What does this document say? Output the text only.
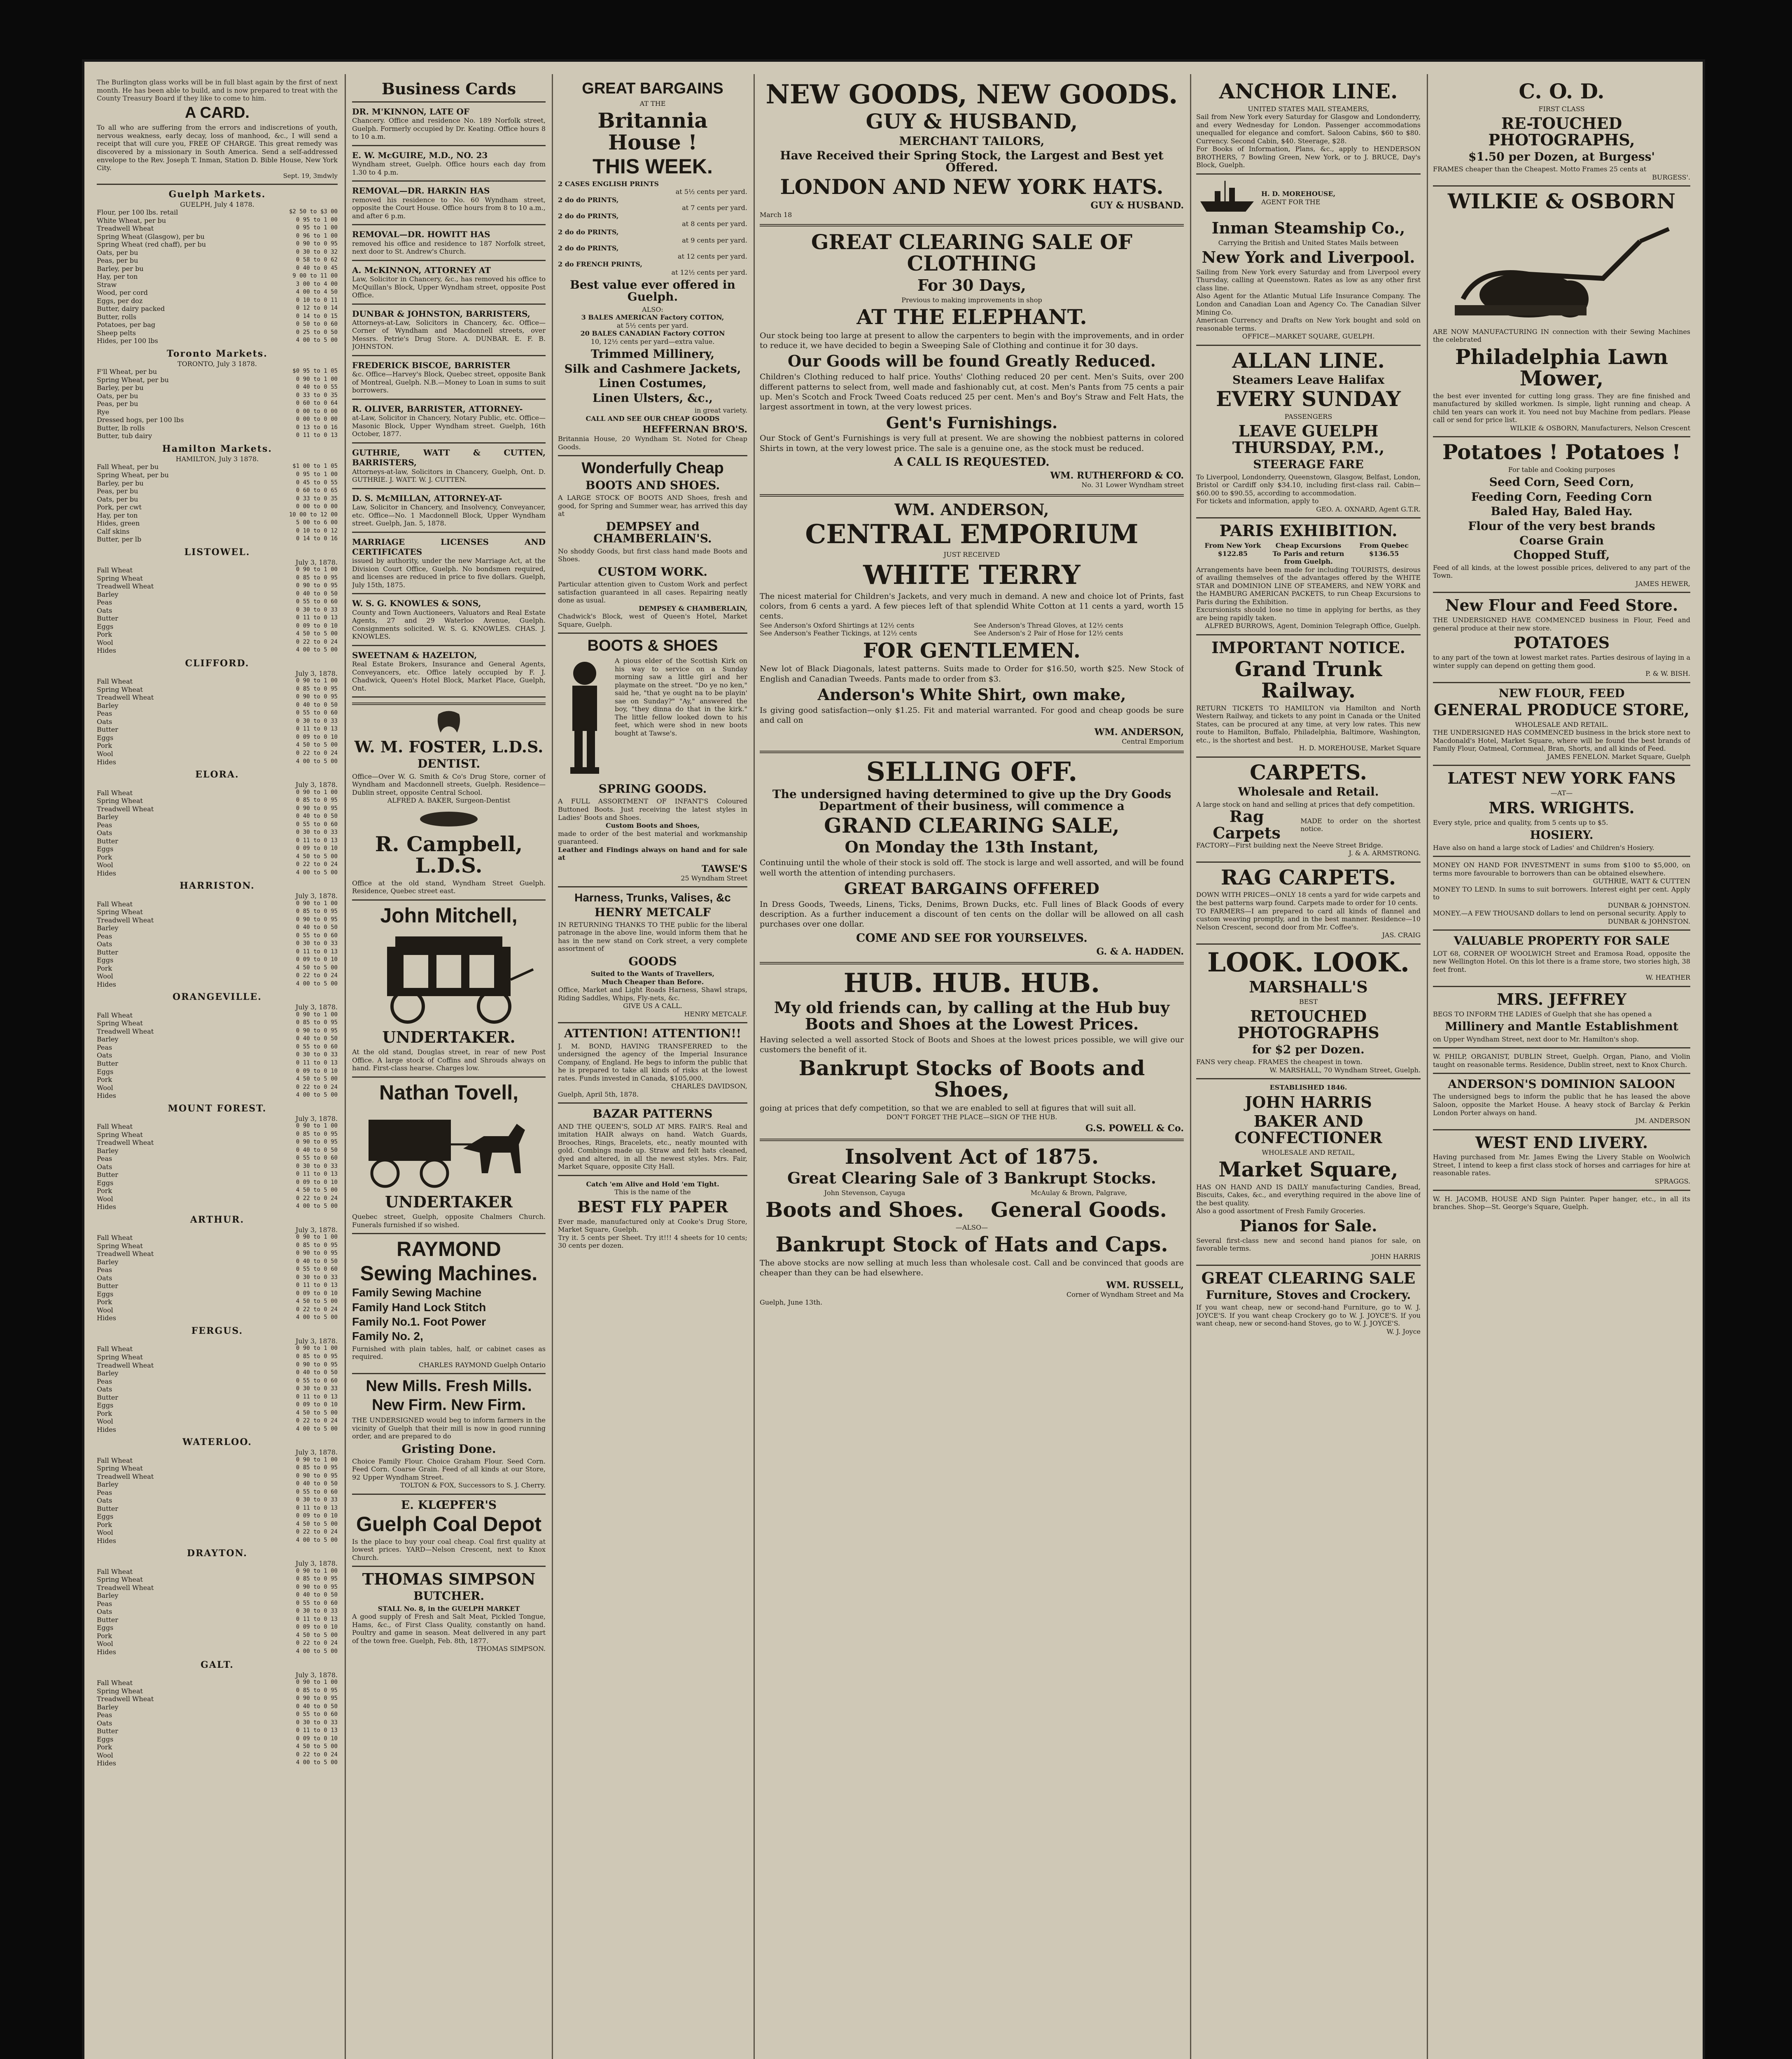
The Burlington glass works will be in full blast again by the first of next month. He has been able to build, and is now prepared to treat with the County Treasury Board if they like to come to him.
A CARD.
To all who are suffering from the errors and indiscretions of youth, nervous weakness, early decay, loss of manhood, &c., I will send a receipt that will cure you, FREE OF CHARGE. This great remedy was discovered by a missionary in South America. Send a self-addressed envelope to the Rev. Joseph T. Inman, Station D. Bible House, New York City.
Sept. 19, 3mdwly
Guelph Markets.
GUELPH, July 4 1878.
Flour, per 100 lbs. retail	$2 50 to $3 00
White Wheat, per bu	0 95 to 1 00
Treadwell Wheat	0 95 to 1 00
Spring Wheat (Glasgow), per bu	0 96 to 1 00
Spring Wheat (red chaff), per bu	0 90 to 0 95
Oats, per bu	0 30 to 0 32
Peas, per bu	0 58 to 0 62
Barley, per bu	0 40 to 0 45
Hay, per ton	9 00 to 11 00
Straw	3 00 to 4 00
Wood, per cord	4 00 to 4 50
Eggs, per doz	0 10 to 0 11
Butter, dairy packed	0 12 to 0 14
Butter, rolls	0 14 to 0 15
Potatoes, per bag	0 50 to 0 60
Sheep pelts	0 25 to 0 50
Hides, per 100 lbs	4 00 to 5 00
Toronto Markets.
TORONTO, July 3 1878.
F'll Wheat, per bu	$0 95 to 1 05
Spring Wheat, per bu	0 90 to 1 00
Barley, per bu	0 40 to 0 55
Oats, per bu	0 33 to 0 35
Peas, per bu	0 60 to 0 64
Rye	0 00 to 0 00
Dressed hogs, per 100 lbs	0 00 to 0 00
Butter, lb rolls	0 13 to 0 16
Butter, tub dairy	0 11 to 0 13
Hamilton Markets.
HAMILTON, July 3 1878.
Fall Wheat, per bu	$1 00 to 1 05
Spring Wheat, per bu	0 95 to 1 00
Barley, per bu	0 45 to 0 55
Peas, per bu	0 60 to 0 65
Oats, per bu	0 33 to 0 35
Pork, per cwt	0 00 to 0 00
Hay, per ton	10 00 to 12 00
Hides, green	5 00 to 6 00
Calf skins	0 10 to 0 12
Butter, per lb	0 14 to 0 16
LISTOWEL.
July 3, 1878.
Fall Wheat	0 90 to 1 00
Spring Wheat	0 85 to 0 95
Treadwell Wheat	0 90 to 0 95
Barley	0 40 to 0 50
Peas	0 55 to 0 60
Oats	0 30 to 0 33
Butter	0 11 to 0 13
Eggs	0 09 to 0 10
Pork	4 50 to 5 00
Wool	0 22 to 0 24
Hides	4 00 to 5 00
CLIFFORD.
July 3, 1878.
Fall Wheat	0 90 to 1 00
Spring Wheat	0 85 to 0 95
Treadwell Wheat	0 90 to 0 95
Barley	0 40 to 0 50
Peas	0 55 to 0 60
Oats	0 30 to 0 33
Butter	0 11 to 0 13
Eggs	0 09 to 0 10
Pork	4 50 to 5 00
Wool	0 22 to 0 24
Hides	4 00 to 5 00
ELORA.
July 3, 1878.
Fall Wheat	0 90 to 1 00
Spring Wheat	0 85 to 0 95
Treadwell Wheat	0 90 to 0 95
Barley	0 40 to 0 50
Peas	0 55 to 0 60
Oats	0 30 to 0 33
Butter	0 11 to 0 13
Eggs	0 09 to 0 10
Pork	4 50 to 5 00
Wool	0 22 to 0 24
Hides	4 00 to 5 00
HARRISTON.
July 3, 1878.
Fall Wheat	0 90 to 1 00
Spring Wheat	0 85 to 0 95
Treadwell Wheat	0 90 to 0 95
Barley	0 40 to 0 50
Peas	0 55 to 0 60
Oats	0 30 to 0 33
Butter	0 11 to 0 13
Eggs	0 09 to 0 10
Pork	4 50 to 5 00
Wool	0 22 to 0 24
Hides	4 00 to 5 00
ORANGEVILLE.
July 3, 1878.
Fall Wheat	0 90 to 1 00
Spring Wheat	0 85 to 0 95
Treadwell Wheat	0 90 to 0 95
Barley	0 40 to 0 50
Peas	0 55 to 0 60
Oats	0 30 to 0 33
Butter	0 11 to 0 13
Eggs	0 09 to 0 10
Pork	4 50 to 5 00
Wool	0 22 to 0 24
Hides	4 00 to 5 00
MOUNT FOREST.
July 3, 1878.
Fall Wheat	0 90 to 1 00
Spring Wheat	0 85 to 0 95
Treadwell Wheat	0 90 to 0 95
Barley	0 40 to 0 50
Peas	0 55 to 0 60
Oats	0 30 to 0 33
Butter	0 11 to 0 13
Eggs	0 09 to 0 10
Pork	4 50 to 5 00
Wool	0 22 to 0 24
Hides	4 00 to 5 00
ARTHUR.
July 3, 1878.
Fall Wheat	0 90 to 1 00
Spring Wheat	0 85 to 0 95
Treadwell Wheat	0 90 to 0 95
Barley	0 40 to 0 50
Peas	0 55 to 0 60
Oats	0 30 to 0 33
Butter	0 11 to 0 13
Eggs	0 09 to 0 10
Pork	4 50 to 5 00
Wool	0 22 to 0 24
Hides	4 00 to 5 00
FERGUS.
July 3, 1878.
Fall Wheat	0 90 to 1 00
Spring Wheat	0 85 to 0 95
Treadwell Wheat	0 90 to 0 95
Barley	0 40 to 0 50
Peas	0 55 to 0 60
Oats	0 30 to 0 33
Butter	0 11 to 0 13
Eggs	0 09 to 0 10
Pork	4 50 to 5 00
Wool	0 22 to 0 24
Hides	4 00 to 5 00
WATERLOO.
July 3, 1878.
Fall Wheat	0 90 to 1 00
Spring Wheat	0 85 to 0 95
Treadwell Wheat	0 90 to 0 95
Barley	0 40 to 0 50
Peas	0 55 to 0 60
Oats	0 30 to 0 33
Butter	0 11 to 0 13
Eggs	0 09 to 0 10
Pork	4 50 to 5 00
Wool	0 22 to 0 24
Hides	4 00 to 5 00
DRAYTON.
July 3, 1878.
Fall Wheat	0 90 to 1 00
Spring Wheat	0 85 to 0 95
Treadwell Wheat	0 90 to 0 95
Barley	0 40 to 0 50
Peas	0 55 to 0 60
Oats	0 30 to 0 33
Butter	0 11 to 0 13
Eggs	0 09 to 0 10
Pork	4 50 to 5 00
Wool	0 22 to 0 24
Hides	4 00 to 5 00
GALT.
July 3, 1878.
Fall Wheat	0 90 to 1 00
Spring Wheat	0 85 to 0 95
Treadwell Wheat	0 90 to 0 95
Barley	0 40 to 0 50
Peas	0 55 to 0 60
Oats	0 30 to 0 33
Butter	0 11 to 0 13
Eggs	0 09 to 0 10
Pork	4 50 to 5 00
Wool	0 22 to 0 24
Hides	4 00 to 5 00
Business Cards
DR. M'KINNON, LATE OF
Chancery. Office and residence No. 189 Norfolk street, Guelph. Formerly occupied by Dr. Keating. Office hours 8 to 10 a.m.
E. W. McGUIRE, M.D., NO. 23
Wyndham street, Guelph. Office hours each day from 1.30 to 4 p.m.
REMOVAL—DR. HARKIN HAS
removed his residence to No. 60 Wyndham street, opposite the Court House. Office hours from 8 to 10 a.m., and after 6 p.m.
REMOVAL—DR. HOWITT HAS
removed his office and residence to 187 Norfolk street, next door to St. Andrew's Church.
A. McKINNON, ATTORNEY AT
Law, Solicitor in Chancery, &c., has removed his office to McQuillan's Block, Upper Wyndham street, opposite Post Office.
DUNBAR & JOHNSTON, BARRISTERS,
Attorneys-at-Law, Solicitors in Chancery, &c. Office—Corner of Wyndham and Macdonnell streets, over Messrs. Petrie's Drug Store. A. DUNBAR. E. F. B. JOHNSTON.
FREDERICK BISCOE, BARRISTER
&c. Office—Harvey's Block, Quebec street, opposite Bank of Montreal, Guelph. N.B.—Money to Loan in sums to suit borrowers.
R. OLIVER, BARRISTER, ATTORNEY-
at-Law, Solicitor in Chancery, Notary Public, etc. Office—Masonic Block, Upper Wyndham street. Guelph, 16th October, 1877.
GUTHRIE, WATT & CUTTEN, BARRISTERS,
Attorneys-at-law, Solicitors in Chancery, Guelph, Ont. D. GUTHRIE. J. WATT. W. J. CUTTEN.
D. S. McMILLAN, ATTORNEY-AT-
Law, Solicitor in Chancery, and Insolvency, Conveyancer, etc. Office—No. 1 Macdonnell Block, Upper Wyndham street. Guelph, Jan. 5, 1878.
MARRIAGE LICENSES AND CERTIFICATES
issued by authority, under the new Marriage Act, at the Division Court Office, Guelph. No bondsmen required, and licenses are reduced in price to five dollars. Guelph, July 15th, 1875.
W. S. G. KNOWLES & SONS,
County and Town Auctioneers, Valuators and Real Estate Agents, 27 and 29 Waterloo Avenue, Guelph. Consignments solicited. W. S. G. KNOWLES. CHAS. J. KNOWLES.
SWEETNAM & HAZELTON,
Real Estate Brokers, Insurance and General Agents, Conveyancers, etc. Office lately occupied by F. J. Chadwick, Queen's Hotel Block, Market Place, Guelph, Ont.
W. M. FOSTER, L.D.S.
DENTIST.
Office—Over W. G. Smith & Co's Drug Store, corner of Wyndham and Macdonnell streets, Guelph. Residence—Dublin street, opposite Central School.
ALFRED A. BAKER, Surgeon-Dentist
R. Campbell, L.D.S.
Office at the old stand, Wyndham Street Guelph. Residence, Quebec street east.
John Mitchell,
UNDERTAKER.
At the old stand, Douglas street, in rear of new Post Office. A large stock of Coffins and Shrouds always on hand. First-class hearse. Charges low.
Nathan Tovell,
UNDERTAKER
Quebec street, Guelph, opposite Chalmers Church. Funerals furnished if so wished.
RAYMOND
Sewing Machines.
Family Sewing Machine
Family Hand Lock Stitch
Family No.1. Foot Power
Family No. 2,
Furnished with plain tables, half, or cabinet cases as required.
CHARLES RAYMOND Guelph Ontario
New Mills. Fresh Mills.
New Firm. New Firm.
THE UNDERSIGNED would beg to inform farmers in the vicinity of Guelph that their mill is now in good running order, and are prepared to do
Gristing Done.
Choice Family Flour. Choice Graham Flour. Seed Corn. Feed Corn. Coarse Grain. Feed of all kinds at our Store, 92 Upper Wyndham Street.
TOLTON & FOX, Successors to S. J. Cherry.
E. KLŒPFER'S
Guelph Coal Depot
Is the place to buy your coal cheap. Coal first quality at lowest prices. YARD—Nelson Crescent, next to Knox Church.
THOMAS SIMPSON
BUTCHER.
STALL No. 8, in the GUELPH MARKET
A good supply of Fresh and Salt Meat, Pickled Tongue, Hams, &c., of First Class Quality, constantly on hand. Poultry and game in season. Meat delivered in any part of the town free. Guelph, Feb. 8th, 1877.
THOMAS SIMPSON.
GREAT BARGAINS
AT THE
Britannia House !
THIS WEEK.
2 CASES ENGLISH PRINTS
at 5½ cents per yard.
2 do do PRINTS,
at 7 cents per yard.
2 do do PRINTS,
at 8 cents per yard.
2 do do PRINTS,
at 9 cents per yard.
2 do do PRINTS,
at 12 cents per yard.
2 do FRENCH PRINTS,
at 12½ cents per yard.
Best value ever offered in Guelph.
ALSO:
3 BALES AMERICAN Factory COTTON,
at 5½ cents per yard.
20 BALES CANADIAN Factory COTTON
10, 12½ cents per yard—extra value.
Trimmed Millinery,
Silk and Cashmere Jackets,
Linen Costumes,
Linen Ulsters, &c.,
in great variety.
CALL AND SEE OUR CHEAP GOODS
HEFFERNAN BRO'S.
Britannia House, 20 Wyndham St. Noted for Cheap Goods.
Wonderfully Cheap
BOOTS AND SHOES.
A LARGE STOCK OF BOOTS AND Shoes, fresh and good, for Spring and Summer wear, has arrived this day at
DEMPSEY and CHAMBERLAIN'S.
No shoddy Goods, but first class hand made Boots and Shoes.
CUSTOM WORK.
Particular attention given to Custom Work and perfect satisfaction guaranteed in all cases. Repairing neatly done as usual.
DEMPSEY & CHAMBERLAIN,
Chadwick's Block, west of Queen's Hotel, Market Square, Guelph.
BOOTS & SHOES
A pious elder of the Scottish Kirk on his way to service on a Sunday morning saw a little girl and her playmate on the street. "Do ye no ken," said he, "that ye ought na to be playin' sae on Sunday?" "Ay," answered the boy, "they dinna do that in the kirk." The little fellow looked down to his feet, which were shod in new boots bought at Tawse's.
SPRING GOODS.
A FULL ASSORTMENT OF INFANT'S Coloured Buttoned Boots. Just receiving the latest styles in Ladies' Boots and Shoes.
Custom Boots and Shoes,
made to order of the best material and workmanship guaranteed.
Leather and Findings always on hand and for sale at
TAWSE'S
25 Wyndham Street
Harness, Trunks, Valises, &c
HENRY METCALF
IN RETURNING THANKS TO THE public for the liberal patronage in the above line, would inform them that he has in the new stand on Cork street, a very complete assortment of
GOODS
Suited to the Wants of Travellers,
Much Cheaper than Before.
Office, Market and Light Roads Harness, Shawl straps, Riding Saddles, Whips, Fly-nets, &c.
GIVE US A CALL.
HENRY METCALF.
ATTENTION! ATTENTION!!
J. M. BOND, HAVING TRANSFERRED to the undersigned the agency of the Imperial Insurance Company, of England. He begs to inform the public that he is prepared to take all kinds of risks at the lowest rates. Funds invested in Canada, $105,000.
CHARLES DAVIDSON,
Guelph, April 5th, 1878.
BAZAR PATTERNS
AND THE QUEEN'S, SOLD AT MRS. FAIR'S. Real and imitation HAIR always on hand. Watch Guards, Brooches, Rings, Bracelets, etc., neatly mounted with gold. Combings made up. Straw and felt hats cleaned, dyed and altered, in all the newest styles. Mrs. Fair, Market Square, opposite City Hall.
Catch 'em Alive and Hold 'em Tight.
This is the name of the
BEST FLY PAPER
Ever made, manufactured only at Cooke's Drug Store, Market Square, Guelph.
Try it. 5 cents per Sheet. Try it!!! 4 sheets for 10 cents; 30 cents per dozen.
NEW GOODS, NEW GOODS.
GUY & HUSBAND,
MERCHANT TAILORS,
Have Received their Spring Stock, the Largest and Best yet Offered.
LONDON AND NEW YORK HATS.
GUY & HUSBAND.
March 18
GREAT CLEARING SALE OF CLOTHING
For 30 Days,
Previous to making improvements in shop
AT THE ELEPHANT.
Our stock being too large at present to allow the carpenters to begin with the improvements, and in order to reduce it, we have decided to begin a Sweeping Sale of Clothing and continue it for 30 days.
Our Goods will be found Greatly Reduced.
Children's Clothing reduced to half price. Youths' Clothing reduced 20 per cent. Men's Suits, over 200 different patterns to select from, well made and fashionably cut, at cost. Men's Pants from 75 cents a pair up. Men's Scotch and Frock Tweed Coats reduced 25 per cent. Men's and Boy's Straw and Felt Hats, the largest assortment in town, at the very lowest prices.
Gent's Furnishings.
Our Stock of Gent's Furnishings is very full at present. We are showing the nobbiest patterns in colored Shirts in town, at the very lowest price. The sale is a genuine one, as the stock must be reduced.
A CALL IS REQUESTED.
WM. RUTHERFORD & CO.
No. 31 Lower Wyndham street
WM. ANDERSON,
CENTRAL EMPORIUM
JUST RECEIVED
WHITE TERRY
The nicest material for Children's Jackets, and very much in demand. A new and choice lot of Prints, fast colors, from 6 cents a yard. A few pieces left of that splendid White Cotton at 11 cents a yard, worth 15 cents.
See Anderson's Oxford Shirtings at 12½ cents
See Anderson's Feather Tickings, at 12½ cents
See Anderson's Thread Gloves, at 12½ cents
See Anderson's 2 Pair of Hose for 12½ cents
FOR GENTLEMEN.
New lot of Black Diagonals, latest patterns. Suits made to Order for $16.50, worth $25. New Stock of English and Canadian Tweeds. Pants made to order from $3.
Anderson's White Shirt, own make,
Is giving good satisfaction—only $1.25. Fit and material warranted. For good and cheap goods be sure and call on
WM. ANDERSON,
Central Emporium
SELLING OFF.
The undersigned having determined to give up the Dry Goods Department of their business, will commence a
GRAND CLEARING SALE,
On Monday the 13th Instant,
Continuing until the whole of their stock is sold off. The stock is large and well assorted, and will be found well worth the attention of intending purchasers.
GREAT BARGAINS OFFERED
In Dress Goods, Tweeds, Linens, Ticks, Denims, Brown Ducks, etc. Full lines of Black Goods of every description. As a further inducement a discount of ten cents on the dollar will be allowed on all cash purchases over one dollar.
COME AND SEE FOR YOURSELVES.
G. & A. HADDEN.
HUB. HUB. HUB.
My old friends can, by calling at the Hub buy Boots and Shoes at the Lowest Prices.
Having selected a well assorted Stock of Boots and Shoes at the lowest prices possible, we will give our customers the benefit of it.
Bankrupt Stocks of Boots and Shoes,
going at prices that defy competition, so that we are enabled to sell at figures that will suit all.
DON'T FORGET THE PLACE—SIGN OF THE HUB.
G.S. POWELL & Co.
Insolvent Act of 1875.
Great Clearing Sale of 3 Bankrupt Stocks.
John Stevenson, Cayuga
Boots and Shoes.
McAulay & Brown, Palgrave,
General Goods.
—ALSO—
Bankrupt Stock of Hats and Caps.
The above stocks are now selling at much less than wholesale cost. Call and be convinced that goods are cheaper than they can be had elsewhere.
WM. RUSSELL,
Corner of Wyndham Street and Ma
Guelph, June 13th.
ANCHOR LINE.
UNITED STATES MAIL STEAMERS,
Sail from New York every Saturday for Glasgow and Londonderry, and every Wednesday for London. Passenger accommodations unequalled for elegance and comfort. Saloon Cabins, $60 to $80. Currency. Second Cabin, $40. Steerage, $28.
For Books of Information, Plans, &c., apply to HENDERSON BROTHERS, 7 Bowling Green, New York, or to J. BRUCE, Day's Block, Guelph.
H. D. MOREHOUSE,
AGENT FOR THE
Inman Steamship Co.,
Carrying the British and United States Mails between
New York and Liverpool.
Sailing from New York every Saturday and from Liverpool every Thursday, calling at Queenstown. Rates as low as any other first class line.
Also Agent for the Atlantic Mutual Life Insurance Company. The London and Canadian Loan and Agency Co. The Canadian Silver Mining Co.
American Currency and Drafts on New York bought and sold on reasonable terms.
OFFICE—MARKET SQUARE, GUELPH.
ALLAN LINE.
Steamers Leave Halifax
EVERY SUNDAY
PASSENGERS
LEAVE GUELPH THURSDAY, P.M.,
STEERAGE FARE
To Liverpool, Londonderry, Queenstown, Glasgow, Belfast, London, Bristol or Cardiff only $34.10, including first-class rail. Cabin—$60.00 to $90.55, according to accommodation.
For tickets and information, apply to
GEO. A. OXNARD, Agent G.T.R.
PARIS EXHIBITION.
From New York $122.85
Cheap Excursions To Paris and return from Guelph.
From Quebec $136.55
Arrangements have been made for including TOURISTS, desirous of availing themselves of the advantages offered by the WHITE STAR and DOMINION LINE OF STEAMERS, and NEW YORK and the HAMBURG AMERICAN PACKETS, to run Cheap Excursions to Paris during the Exhibition.
Excursionists should lose no time in applying for berths, as they are being rapidly taken.
ALFRED BURROWS, Agent, Dominion Telegraph Office, Guelph.
IMPORTANT NOTICE.
Grand Trunk Railway.
RETURN TICKETS TO HAMILTON via Hamilton and North Western Railway, and tickets to any point in Canada or the United States, can be procured at any time, at very low rates. This new route to Hamilton, Buffalo, Philadelphia, Baltimore, Washington, etc., is the shortest and best.
H. D. MOREHOUSE, Market Square
CARPETS.
Wholesale and Retail.
A large stock on hand and selling at prices that defy competition.
Rag Carpets
MADE to order on the shortest notice.
FACTORY—First building next the Neeve Street Bridge.
J. & A. ARMSTRONG.
RAG CARPETS.
DOWN WITH PRICES—ONLY 18 cents a yard for wide carpets and the best patterns warp found. Carpets made to order for 10 cents.
TO FARMERS—I am prepared to card all kinds of flannel and custom weaving promptly, and in the best manner. Residence—10 Nelson Crescent, second door from Mr. Coffee's.
JAS. CRAIG
LOOK. LOOK.
MARSHALL'S
BEST
RETOUCHED PHOTOGRAPHS
for $2 per Dozen.
FANS very cheap. FRAMES the cheapest in town.
W. MARSHALL, 70 Wyndham Street, Guelph.
ESTABLISHED 1846.
JOHN HARRIS
BAKER AND CONFECTIONER
WHOLESALE AND RETAIL,
Market Square,
HAS ON HAND AND IS DAILY manufacturing Candies, Bread, Biscuits, Cakes, &c., and everything required in the above line of the best quality.
Also a good assortment of Fresh Family Groceries.
Pianos for Sale.
Several first-class new and second hand pianos for sale, on favorable terms.
JOHN HARRIS
GREAT CLEARING SALE
Furniture, Stoves and Crockery.
If you want cheap, new or second-hand Furniture, go to W. J. JOYCE'S. If you want cheap Crockery go to W. J. JOYCE'S. If you want cheap, new or second-hand Stoves, go to W. J. JOYCE'S.
W. J. Joyce
C. O. D.
FIRST CLASS
RE-TOUCHED PHOTOGRAPHS,
$1.50 per Dozen, at Burgess'
FRAMES cheaper than the Cheapest. Motto Frames 25 cents at
BURGESS'.
WILKIE & OSBORN
ARE NOW MANUFACTURING IN connection with their Sewing Machines the celebrated
Philadelphia Lawn Mower,
the best ever invented for cutting long grass. They are fine finished and manufactured by skilled workmen. Is simple, light running and cheap. A child ten years can work it. You need not buy Machine from pedlars. Please call or send for price list.
WILKIE & OSBORN, Manufacturers, Nelson Crescent
Potatoes ! Potatoes !
For table and Cooking purposes
Seed Corn, Seed Corn,
Feeding Corn, Feeding Corn
Baled Hay, Baled Hay.
Flour of the very best brands
Coarse Grain
Chopped Stuff,
Feed of all kinds, at the lowest possible prices, delivered to any part of the Town.
JAMES HEWER,
New Flour and Feed Store.
THE UNDERSIGNED HAVE COMMENCED business in Flour, Feed and general produce at their new store.
POTATOES
to any part of the town at lowest market rates. Parties desirous of laying in a winter supply can depend on getting them good.
P. & W. BISH.
NEW FLOUR, FEED
GENERAL PRODUCE STORE,
WHOLESALE AND RETAIL.
THE UNDERSIGNED HAS COMMENCED business in the brick store next to Macdonald's Hotel, Market Square, where will be found the best brands of Family Flour, Oatmeal, Cornmeal, Bran, Shorts, and all kinds of Feed.
JAMES FENELON. Market Square, Guelph
LATEST NEW YORK FANS
—AT—
MRS. WRIGHTS.
Every style, price and quality, from 5 cents up to $5.
HOSIERY.
Have also on hand a large stock of Ladies' and Children's Hosiery.
MONEY ON HAND FOR INVESTMENT in sums from $100 to $5,000, on terms more favourable to borrowers than can be obtained elsewhere.
GUTHRIE, WATT & CUTTEN
MONEY TO LEND. In sums to suit borrowers. Interest eight per cent. Apply to
DUNBAR & JOHNSTON.
MONEY.—A FEW THOUSAND dollars to lend on personal security. Apply to
DUNBAR & JOHNSTON.
VALUABLE PROPERTY FOR SALE
LOT 68, CORNER OF WOOLWICH Street and Eramosa Road, opposite the new Wellington Hotel. On this lot there is a frame store, two stories high, 38 feet front.
W. HEATHER
MRS. JEFFREY
BEGS TO INFORM THE LADIES of Guelph that she has opened a
Millinery and Mantle Establishment
on Upper Wyndham Street, next door to Mr. Hamilton's shop.
W. PHILP, ORGANIST, DUBLIN Street, Guelph. Organ, Piano, and Violin taught on reasonable terms. Residence, Dublin street, next to Knox Church.
ANDERSON'S DOMINION SALOON
The undersigned begs to inform the public that he has leased the above Saloon, opposite the Market House. A heavy stock of Barclay & Perkin London Porter always on hand.
JM. ANDERSON
WEST END LIVERY.
Having purchased from Mr. James Ewing the Livery Stable on Woolwich Street, I intend to keep a first class stock of horses and carriages for hire at reasonable rates.
SPRAGGS.
W. H. JACOMB, HOUSE AND Sign Painter. Paper hanger, etc., in all its branches. Shop—St. George's Square, Guelph.
